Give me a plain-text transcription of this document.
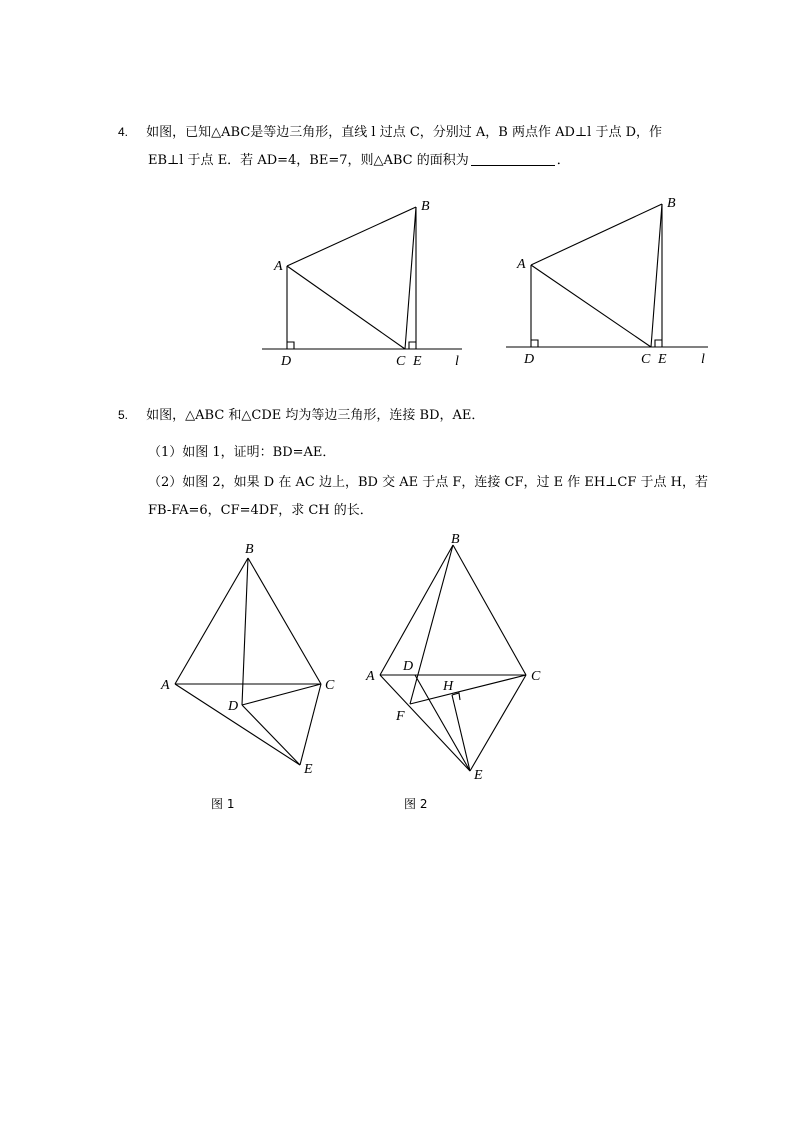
4. 如图，已知△ABC是等边三角形，直线 l 过点 C，分别过 A，B 两点作 AD⊥l 于点 D，作
EB⊥l 于点 E．若 AD=4，BE=7，则△ABC 的面积为	．
5. 如图，△ABC 和△CDE 均为等边三角形，连接 BD，AE．
（1）如图 1，证明：BD=AE．
（2）如图 2，如果 D 在 AC 边上，BD 交 AE 于点 F，连接 CF，过 E 作 EH⊥CF 于点 H，若
FB-FA=6，CF=4DF，求 CH 的长．
A
B
C
D	E l
A
B
C
D	E l
A
B
C
D
E
图 1
A
B
C
D
E
F
H
图 2
